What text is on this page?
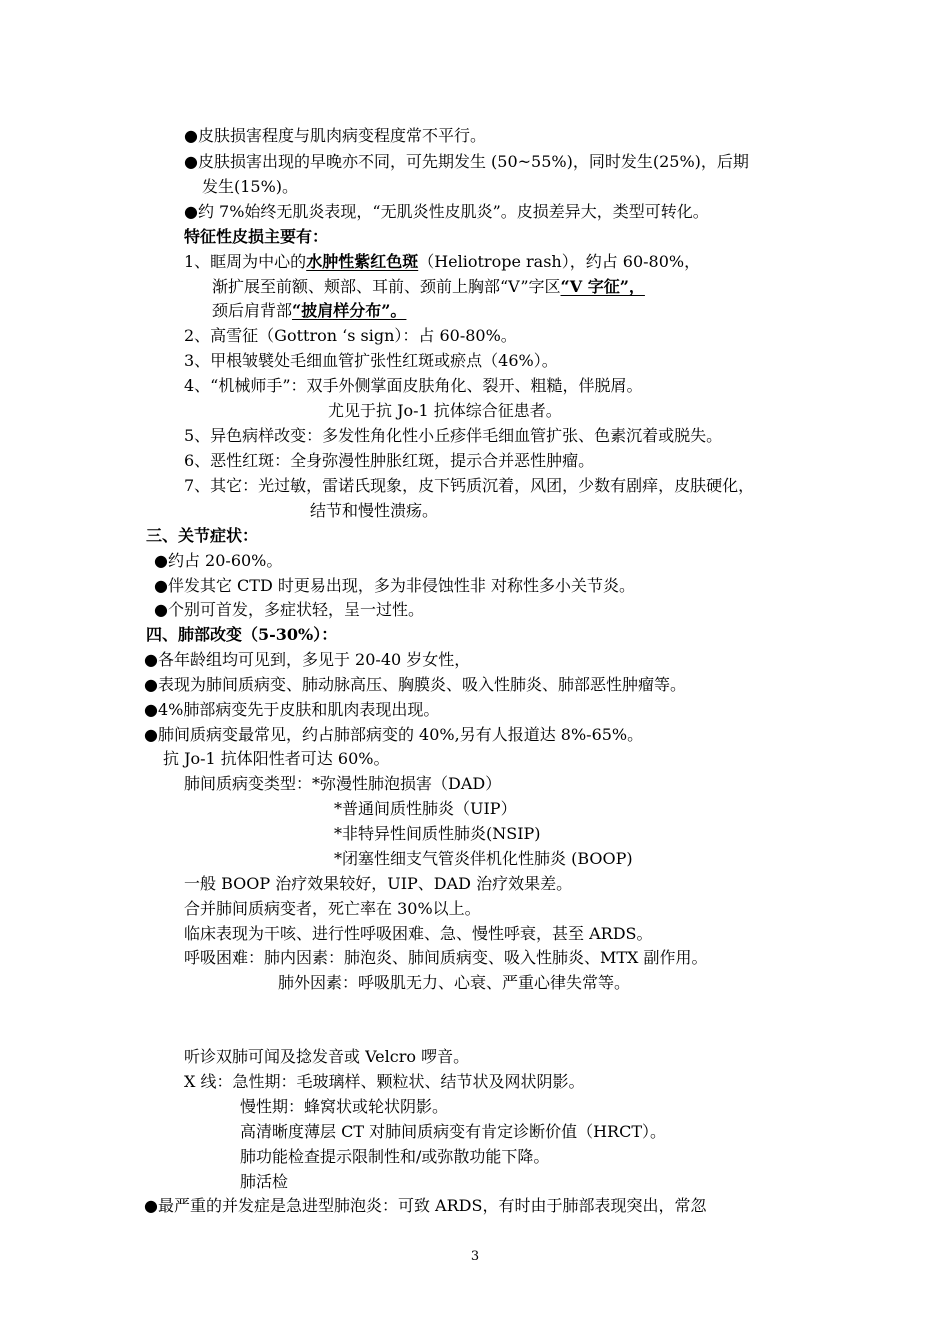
●皮肤损害程度与肌肉病变程度常不平行。
●皮肤损害出现的早晚亦不同，可先期发生 (50~55%)，同时发生(25%)，后期
发生(15%)。
●约 7%始终无肌炎表现，“无肌炎性皮肌炎”。皮损差异大，类型可转化。
特征性皮损主要有：
1、眶周为中心的水肿性紫红色斑（Heliotrope rash），约占 60-80%，
渐扩展至前额、颊部、耳前、颈前上胸部“V”字区“V 字征”，
颈后肩背部“披肩样分布”。
2、高雪征（Gottron ‘s sign）：占 60-80%。
3、甲根皱襞处毛细血管扩张性红斑或瘀点（46%）。
4、“机械师手”：双手外侧掌面皮肤角化、裂开、粗糙，伴脱屑。
尤见于抗 Jo-1 抗体综合征患者。
5、异色病样改变：多发性角化性小丘疹伴毛细血管扩张、色素沉着或脱失。
6、恶性红斑：全身弥漫性肿胀红斑，提示合并恶性肿瘤。
7、其它：光过敏，雷诺氏现象，皮下钙质沉着，风团，少数有剧痒，皮肤硬化，
结节和慢性溃疡。
三、关节症状：
●约占 20-60%。
●伴发其它 CTD 时更易出现，多为非侵蚀性非 对称性多小关节炎。
●个别可首发，多症状轻，呈一过性。
四、肺部改变（5-30%）：
●各年龄组均可见到，多见于 20-40 岁女性，
●表现为肺间质病变、肺动脉高压、胸膜炎、吸入性肺炎、肺部恶性肿瘤等。
●4%肺部病变先于皮肤和肌肉表现出现。
●肺间质病变最常见，约占肺部病变的 40%,另有人报道达 8%-65%。
抗 Jo-1 抗体阳性者可达 60%。
肺间质病变类型：*弥漫性肺泡损害（DAD）
*普通间质性肺炎（UIP）
*非特异性间质性肺炎(NSIP)
*闭塞性细支气管炎伴机化性肺炎 (BOOP)
一般 BOOP 治疗效果较好，UIP、DAD 治疗效果差。
合并肺间质病变者，死亡率在 30%以上。
临床表现为干咳、进行性呼吸困难、急、慢性呼衰，甚至 ARDS。
呼吸困难：肺内因素：肺泡炎、肺间质病变、吸入性肺炎、MTX 副作用。
肺外因素：呼吸肌无力、心衰、严重心律失常等。
听诊双肺可闻及捻发音或 Velcro 啰音。
X 线：急性期：毛玻璃样、颗粒状、结节状及网状阴影。
慢性期：蜂窝状或轮状阴影。
高清晰度薄层 CT 对肺间质病变有肯定诊断价值（HRCT）。
肺功能检查提示限制性和/或弥散功能下降。
肺活检
●最严重的并发症是急进型肺泡炎：可致 ARDS，有时由于肺部表现突出，常忽
3
